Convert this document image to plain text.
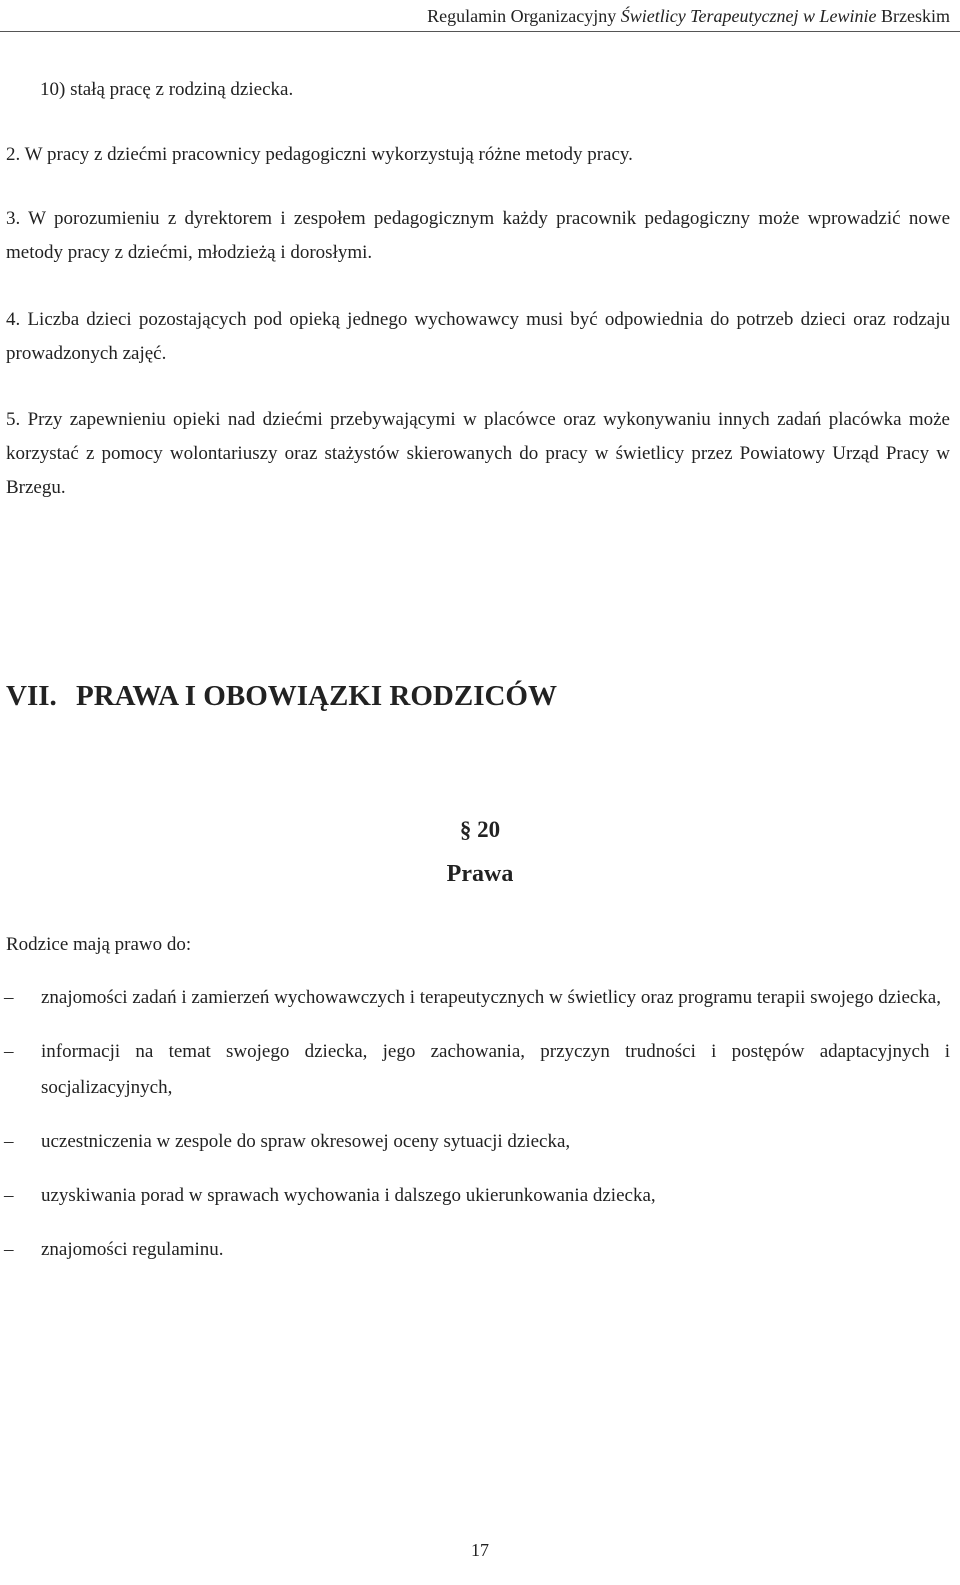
Regulamin Organizacyjny Świetlicy Terapeutycznej w Lewinie Brzeskim

10) stałą pracę z rodziną dziecka.

2. W pracy z dziećmi pracownicy pedagogiczni wykorzystują różne metody pracy.

3. W porozumieniu z dyrektorem i zespołem pedagogicznym każdy pracownik pedagogiczny może wprowadzić nowe metody pracy z dziećmi, młodzieżą i dorosłymi.

4. Liczba dzieci pozostających pod opieką jednego wychowawcy musi być odpowiednia do potrzeb dzieci oraz rodzaju prowadzonych zajęć.

5. Przy zapewnieniu opieki nad dziećmi przebywającymi w placówce oraz wykonywaniu innych zadań placówka może korzystać z pomocy wolontariuszy oraz stażystów skierowanych do pracy w świetlicy przez Powiatowy Urząd Pracy w Brzegu.

VII. PRAWA I OBOWIĄZKI RODZICÓW
§ 20
Prawa

Rodzice mają prawo do:

– znajomości zadań i zamierzeń wychowawczych i terapeutycznych w świetlicy oraz programu terapii swojego dziecka,
– informacji na temat swojego dziecka, jego zachowania, przyczyn trudności i postępów adaptacyjnych i socjalizacyjnych,
– uczestniczenia w zespole do spraw okresowej oceny sytuacji dziecka,
– uzyskiwania porad w sprawach wychowania i dalszego ukierunkowania dziecka,
– znajomości regulaminu.
17
